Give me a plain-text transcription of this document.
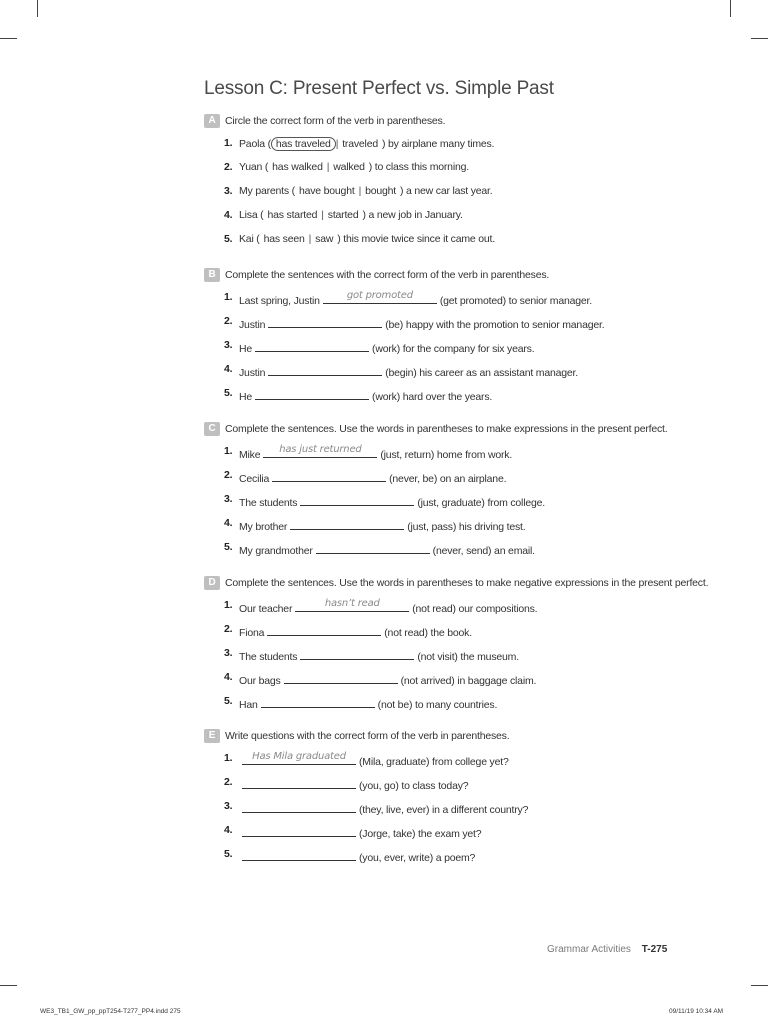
Lesson C: Present Perfect vs. Simple Past
A Circle the correct form of the verb in parentheses.
1. Paola ( has traveled | traveled ) by airplane many times.
2. Yuan ( has walked | walked ) to class this morning.
3. My parents ( have bought | bought ) a new car last year.
4. Lisa ( has started | started ) a new job in January.
5. Kai ( has seen | saw ) this movie twice since it came out.
B Complete the sentences with the correct form of the verb in parentheses.
1. Last spring, Justin	got promoted	(get promoted) to senior manager.
2. Justin	(be) happy with the promotion to senior manager.
3. He	(work) for the company for six years.
4. Justin	(begin) his career as an assistant manager.
5. He	(work) hard over the years.
C Complete the sentences. Use the words in parentheses to make expressions in the present perfect.
1. Mike	has just returned	(just, return) home from work.
2. Cecilia	(never, be) on an airplane.
3. The students	(just, graduate) from college.
4. My brother	(just, pass) his driving test.
5. My grandmother	(never, send) an email.
D Complete the sentences. Use the words in parentheses to make negative expressions in the present perfect.
1. Our teacher	hasn’t read	(not read) our compositions.
2. Fiona	(not read) the book.
3. The students	(not visit) the museum.
4. Our bags	(not arrived) in baggage claim.
5. Han	(not be) to many countries.
E Write questions with the correct form of the verb in parentheses.
1.	Has Mila graduated	(Mila, graduate) from college yet?
2.	(you, go) to class today?
3.	(they, live, ever) in a different country?
4.	(Jorge, take) the exam yet?
5.	(you, ever, write) a poem?
Grammar Activities T-275
WE3_TB1_GW_pp_ppT254-T277_PP4.indd 275	09/11/19 10:34 AM
